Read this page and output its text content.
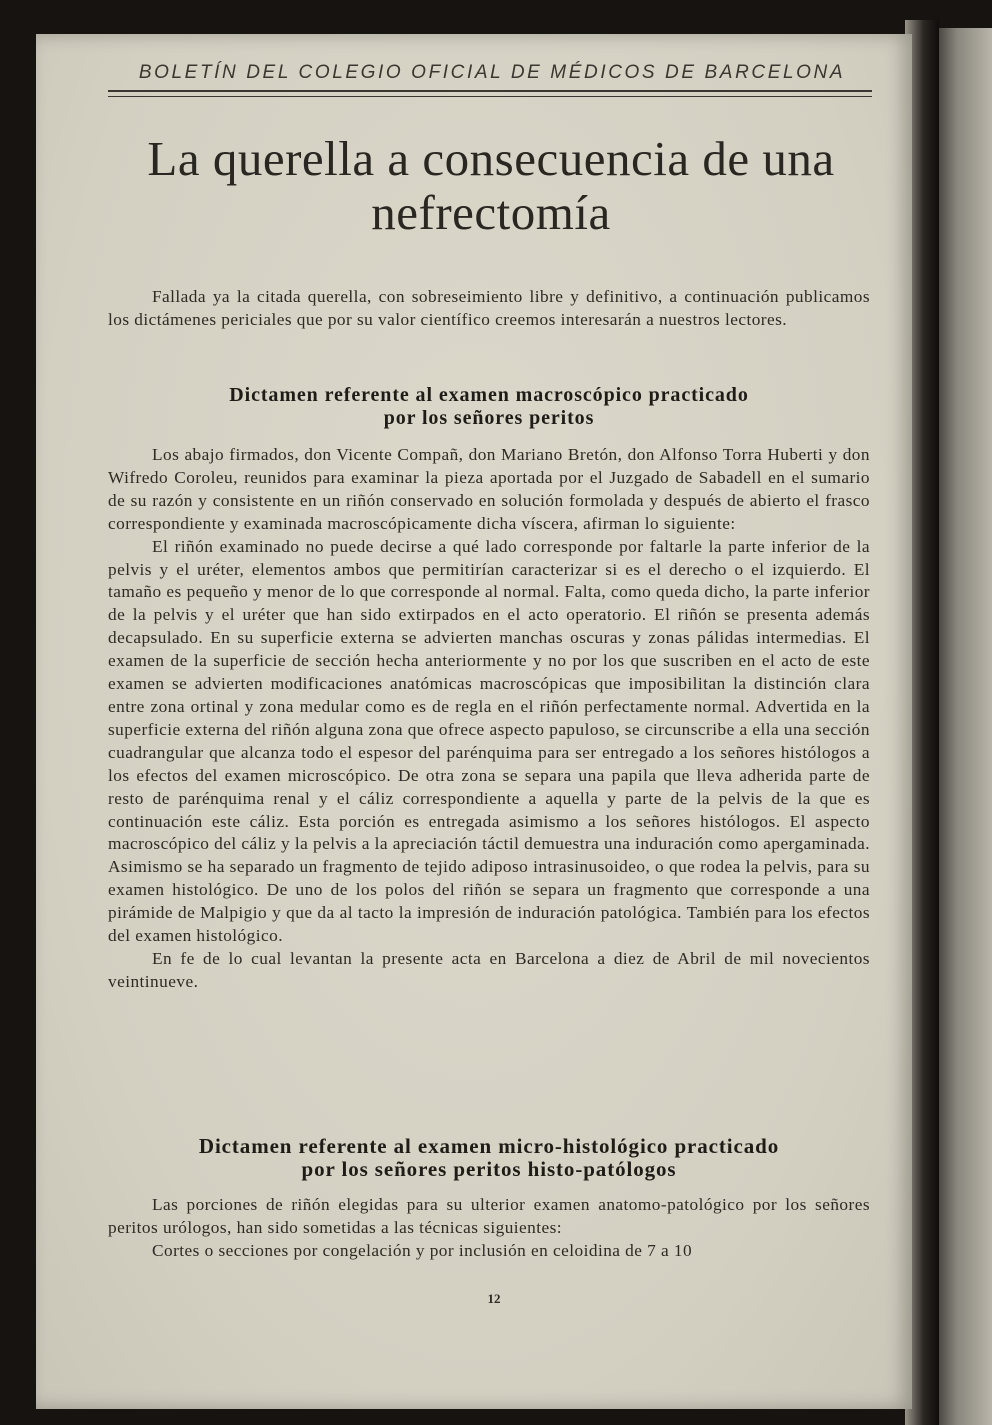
BOLETÍN DEL COLEGIO OFICIAL DE MÉDICOS DE BARCELONA
La querella a consecuencia de una
nefrectomía

Fallada ya la citada querella, con sobreseimiento libre y definitivo, a continuación publicamos los dictámenes periciales que por su valor científico creemos interesarán a nuestros lectores.

Dictamen referente al examen macroscópico practicado
por los señores peritos

Los abajo firmados, don Vicente Compañ, don Mariano Bretón, don Alfonso Torra Huberti y don Wifredo Coroleu, reunidos para examinar la pieza aportada por el Juzgado de Sabadell en el sumario de su razón y consistente en un riñón conservado en solución formolada y después de abierto el frasco correspondiente y examinada macroscópicamente dicha víscera, afirman lo siguiente:

El riñón examinado no puede decirse a qué lado corresponde por faltarle la parte inferior de la pelvis y el uréter, elementos ambos que permitirían caracterizar si es el derecho o el izquierdo. El tamaño es pequeño y menor de lo que corresponde al normal. Falta, como queda dicho, la parte inferior de la pelvis y el uréter que han sido extirpados en el acto operatorio. El riñón se presenta además decapsulado. En su superficie externa se advierten manchas oscuras y zonas pálidas intermedias. El examen de la superficie de sección hecha anteriormente y no por los que suscriben en el acto de este examen se advierten modificaciones anatómicas macroscópicas que imposibilitan la distinción clara entre zona ortinal y zona medular como es de regla en el riñón perfectamente normal. Advertida en la superficie externa del riñón alguna zona que ofrece aspecto papuloso, se circunscribe a ella una sección cuadrangular que alcanza todo el espesor del parénquima para ser entregado a los señores histólogos a los efectos del examen microscópico. De otra zona se separa una papila que lleva adherida parte de resto de parénquima renal y el cáliz correspondiente a aquella y parte de la pelvis de la que es continuación este cáliz. Esta porción es entregada asimismo a los señores histólogos. El aspecto macroscópico del cáliz y la pelvis a la apreciación táctil demuestra una induración como apergaminada. Asimismo se ha separado un fragmento de tejido adiposo intrasinusoideo, o que rodea la pelvis, para su examen histológico. De uno de los polos del riñón se separa un fragmento que corresponde a una pirámide de Malpigio y que da al tacto la impresión de induración patológica. También para los efectos del examen histológico.

En fe de lo cual levantan la presente acta en Barcelona a diez de Abril de mil novecientos veintinueve.

Dictamen referente al examen micro-histológico practicado
por los señores peritos histo-patólogos

Las porciones de riñón elegidas para su ulterior examen anatomo-patológico por los señores peritos urólogos, han sido sometidas a las técnicas siguientes:

Cortes o secciones por congelación y por inclusión en celoidina de 7 a 10

12
